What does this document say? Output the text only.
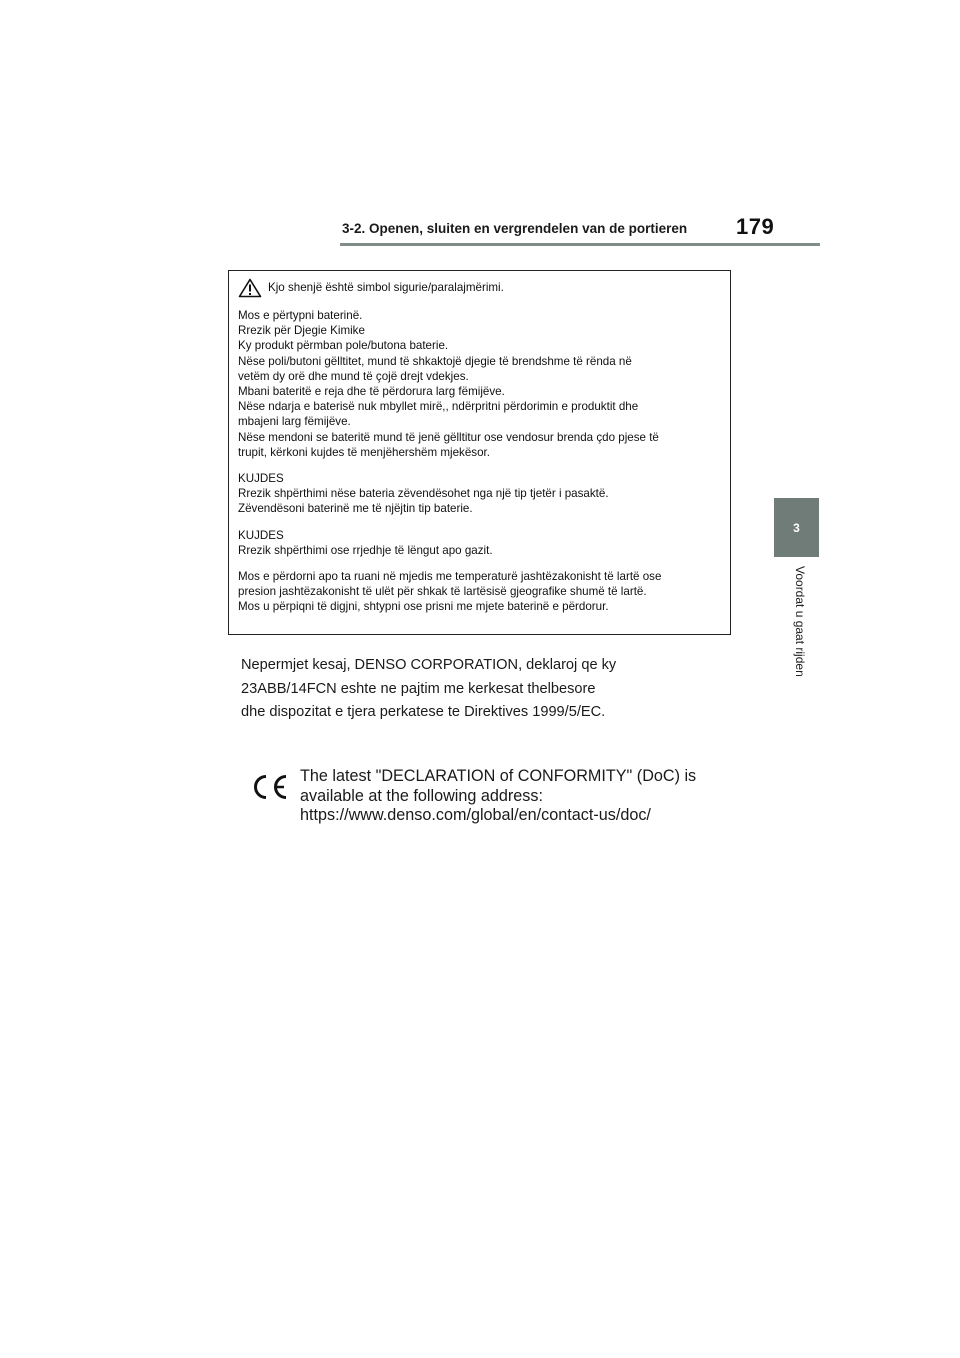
3-2. Openen, sluiten en vergrendelen van de portieren 179
3
Voordat u gaat rijden
Kjo shenjë është simbol sigurie/paralajmërimi.
Mos e përtypni baterinë.
Rrezik për Djegie Kimike
Ky produkt përmban pole/butona baterie.
Nëse poli/butoni gëlltitet, mund të shkaktojë djegie të brendshme të rënda në
vetëm dy orë dhe mund të çojë drejt vdekjes.
Mbani bateritë e reja dhe të përdorura larg fëmijëve.
Nëse ndarja e baterisë nuk mbyllet mirë,, ndërpritni përdorimin e produktit dhe
mbajeni larg fëmijëve.
Nëse mendoni se bateritë mund të jenë gëlltitur ose vendosur brenda çdo pjese të
trupit, kërkoni kujdes të menjëhershëm mjekësor.
KUJDES
Rrezik shpërthimi nëse bateria zëvendësohet nga një tip tjetër i pasaktë.
Zëvendësoni baterinë me të njëjtin tip baterie.
KUJDES
Rrezik shpërthimi ose rrjedhje të lëngut apo gazit.
Mos e përdorni apo ta ruani në mjedis me temperaturë jashtëzakonisht të lartë ose
presion jashtëzakonisht të ulët për shkak të lartësisë gjeografike shumë të lartë.
Mos u përpiqni të digjni, shtypni ose prisni me mjete baterinë e përdorur.
Nepermjet kesaj, DENSO CORPORATION, deklaroj qe ky
23ABB/14FCN eshte ne pajtim me kerkesat thelbesore
dhe dispozitat e tjera perkatese te Direktives 1999/5/EC.
The latest "DECLARATION of CONFORMITY" (DoC) is
available at the following address:
https://www.denso.com/global/en/contact-us/doc/
